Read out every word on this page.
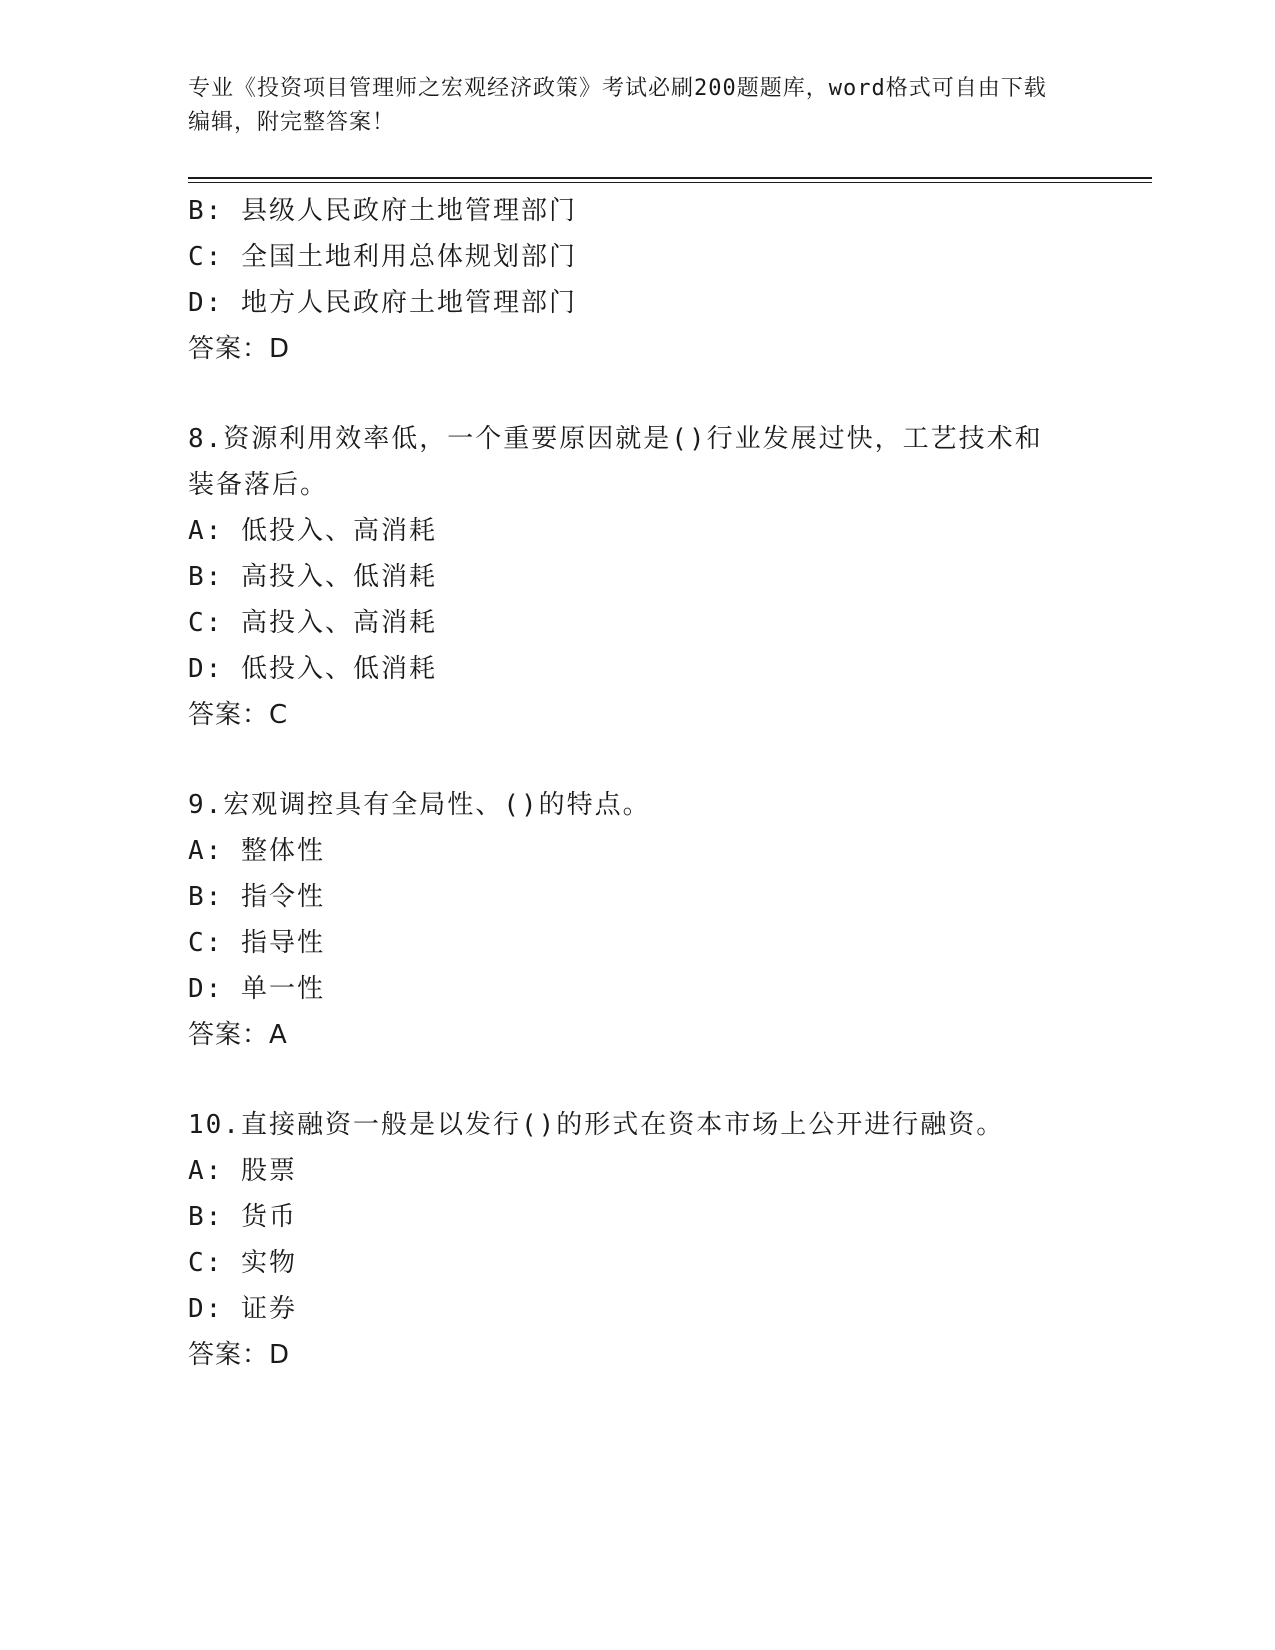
专业《投资项目管理师之宏观经济政策》考试必刷200题题库，word格式可自由下载编辑，附完整答案！
B: 县级人民政府土地管理部门
C: 全国土地利用总体规划部门
D: 地方人民政府土地管理部门
答案：D
8.资源利用效率低，一个重要原因就是()行业发展过快，工艺技术和装备落后。
A: 低投入、高消耗
B: 高投入、低消耗
C: 高投入、高消耗
D: 低投入、低消耗
答案：C
9.宏观调控具有全局性、()的特点。
A: 整体性
B: 指令性
C: 指导性
D: 单一性
答案：A
10.直接融资一般是以发行()的形式在资本市场上公开进行融资。
A: 股票
B: 货币
C: 实物
D: 证券
答案：D
